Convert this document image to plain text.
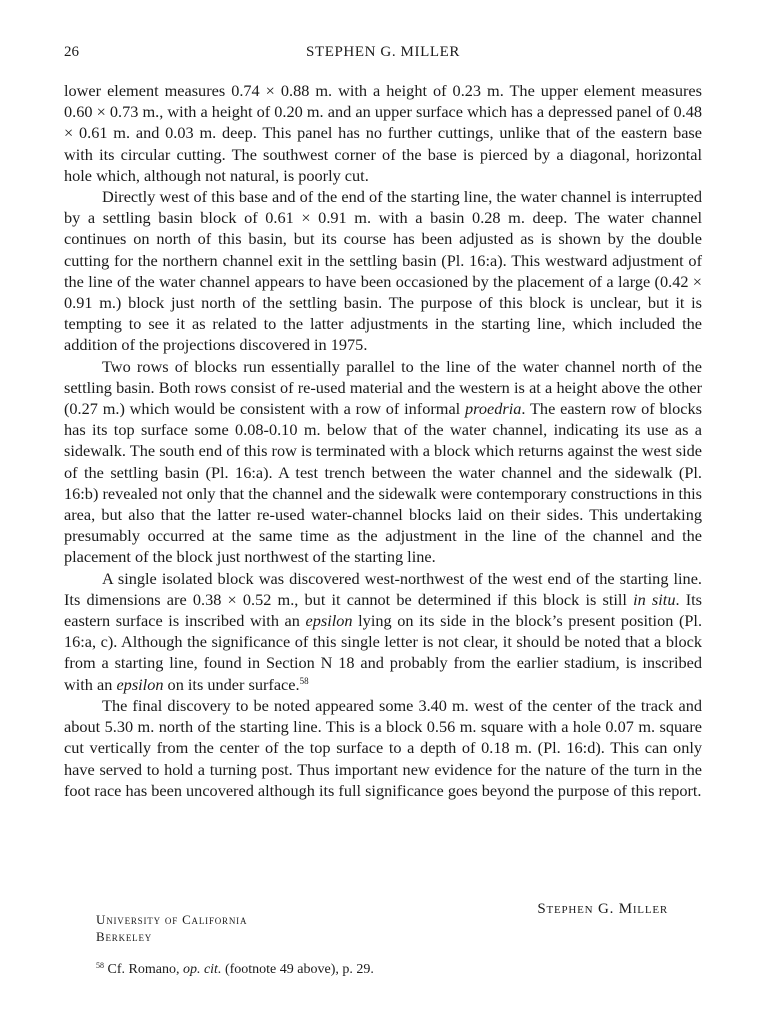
26	STEPHEN G. MILLER

lower element measures 0.74 × 0.88 m. with a height of 0.23 m. The upper element measures 0.60 × 0.73 m., with a height of 0.20 m. and an upper surface which has a depressed panel of 0.48 × 0.61 m. and 0.03 m. deep. This panel has no further cuttings, unlike that of the eastern base with its circular cutting. The southwest corner of the base is pierced by a diagonal, horizontal hole which, although not natural, is poorly cut.

Directly west of this base and of the end of the starting line, the water channel is interrupted by a settling basin block of 0.61 × 0.91 m. with a basin 0.28 m. deep. The water channel continues on north of this basin, but its course has been adjusted as is shown by the double cutting for the northern channel exit in the settling basin (Pl. 16:a). This westward adjustment of the line of the water channel appears to have been occasioned by the placement of a large (0.42 × 0.91 m.) block just north of the settling basin. The purpose of this block is unclear, but it is tempting to see it as related to the latter adjustments in the starting line, which included the addition of the projections discovered in 1975.

Two rows of blocks run essentially parallel to the line of the water channel north of the settling basin. Both rows consist of re-used material and the western is at a height above the other (0.27 m.) which would be consistent with a row of informal proedria. The eastern row of blocks has its top surface some 0.08-0.10 m. below that of the water channel, indicating its use as a sidewalk. The south end of this row is terminated with a block which returns against the west side of the settling basin (Pl. 16:a). A test trench between the water channel and the sidewalk (Pl. 16:b) revealed not only that the channel and the sidewalk were contemporary constructions in this area, but also that the latter re-used water-channel blocks laid on their sides. This undertaking presumably occurred at the same time as the adjustment in the line of the channel and the placement of the block just northwest of the starting line.

A single isolated block was discovered west-northwest of the west end of the starting line. Its dimensions are 0.38 × 0.52 m., but it cannot be determined if this block is still in situ. Its eastern surface is inscribed with an epsilon lying on its side in the block’s present position (Pl. 16:a, c). Although the significance of this single letter is not clear, it should be noted that a block from a starting line, found in Section N 18 and probably from the earlier stadium, is inscribed with an epsilon on its under surface.$^{58}$

The final discovery to be noted appeared some 3.40 m. west of the center of the track and about 5.30 m. north of the starting line. This is a block 0.56 m. square with a hole 0.07 m. square cut vertically from the center of the top surface to a depth of 0.18 m. (Pl. 16:d). This can only have served to hold a turning post. Thus important new evidence for the nature of the turn in the foot race has been uncovered although its full significance goes beyond the purpose of this report.

Stephen G. Miller
University of California
Berkeley
$^{58}$ Cf. Romano, op. cit. (footnote 49 above), p. 29.
